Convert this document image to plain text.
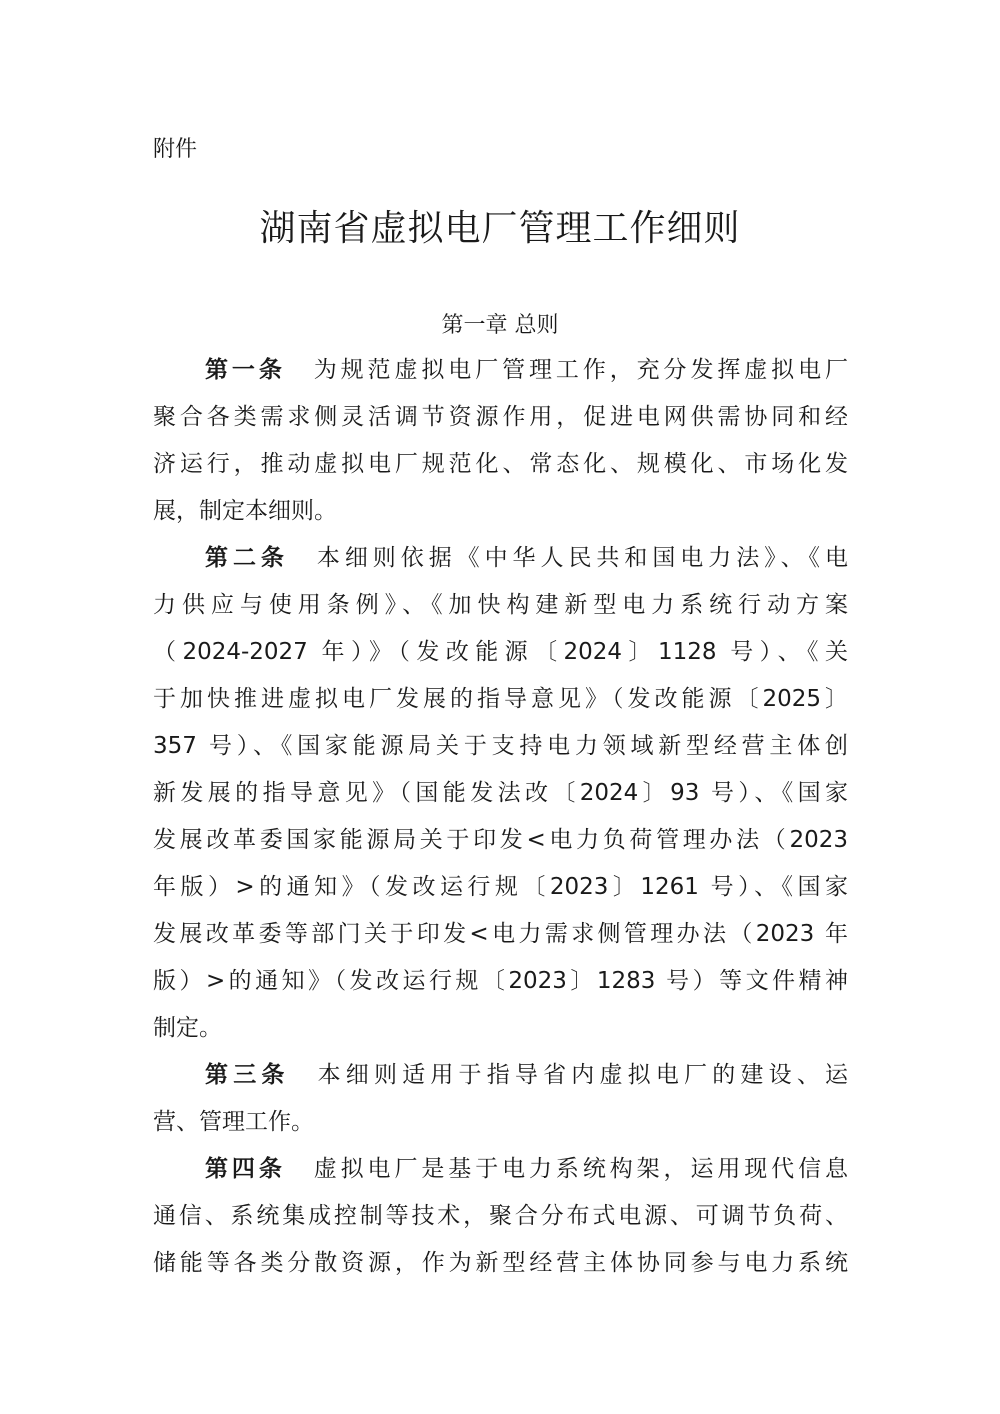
附件
湖南省虚拟电厂管理工作细则
第一章 总则
第一条 为规范虚拟电厂管理工作，充分发挥虚拟电厂
聚合各类需求侧灵活调节资源作用，促进电网供需协同和经
济运行，推动虚拟电厂规范化、常态化、规模化、市场化发
展，制定本细则。
第二条 本细则依据《中华人民共和国电力法》、《电
力供应与使用条例》、《加快构建新型电力系统行动方案
（2024-2027 年）》（发改能源〔2024〕1128 号）、《关
于加快推进虚拟电厂发展的指导意见》（发改能源〔2025〕
357 号）、《国家能源局关于支持电力领域新型经营主体创
新发展的指导意见》（国能发法改〔2024〕93 号）、《国家
发展改革委国家能源局关于印发<电力负荷管理办法（2023
年版）>的通知》（发改运行规〔2023〕1261 号）、《国家
发展改革委等部门关于印发<电力需求侧管理办法（2023 年
版）>的通知》（发改运行规〔2023〕1283 号）等文件精神
制定。
第三条 本细则适用于指导省内虚拟电厂的建设、运
营、管理工作。
第四条 虚拟电厂是基于电力系统构架，运用现代信息
通信、系统集成控制等技术，聚合分布式电源、可调节负荷、
储能等各类分散资源，作为新型经营主体协同参与电力系统
